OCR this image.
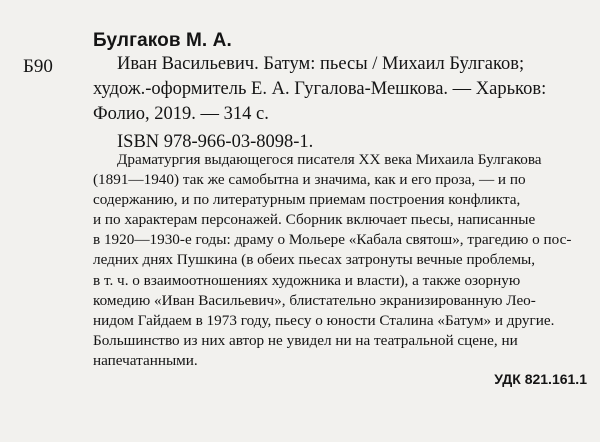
Булгаков М. А.
Б90	Иван Васильевич. Батум: пьесы / Михаил Булгаков;
худож.-оформитель Е. А. Гугалова-Мешкова. — Харьков:
Фолио, 2019. — 314 с.
ISBN 978-966-03-8098-1.
Драматургия выдающегося писателя XX века Михаила Булгакова
(1891—1940) так же самобытна и значима, как и его проза, — и по
содержанию, и по литературным приемам построения конфликта,
и по характерам персонажей. Сборник включает пьесы, написанные
в 1920—1930-е годы: драму о Мольере «Кабала святош», трагедию о пос-
ледних днях Пушкина (в обеих пьесах затронуты вечные проблемы,
в т. ч. о взаимоотношениях художника и власти), а также озорную
комедию «Иван Васильевич», блистательно экранизированную Лео-
нидом Гайдаем в 1973 году, пьесу о юности Сталина «Батум» и другие.
Большинство из них автор не увидел ни на театральной сцене, ни
напечатанными.
УДК 821.161.1
